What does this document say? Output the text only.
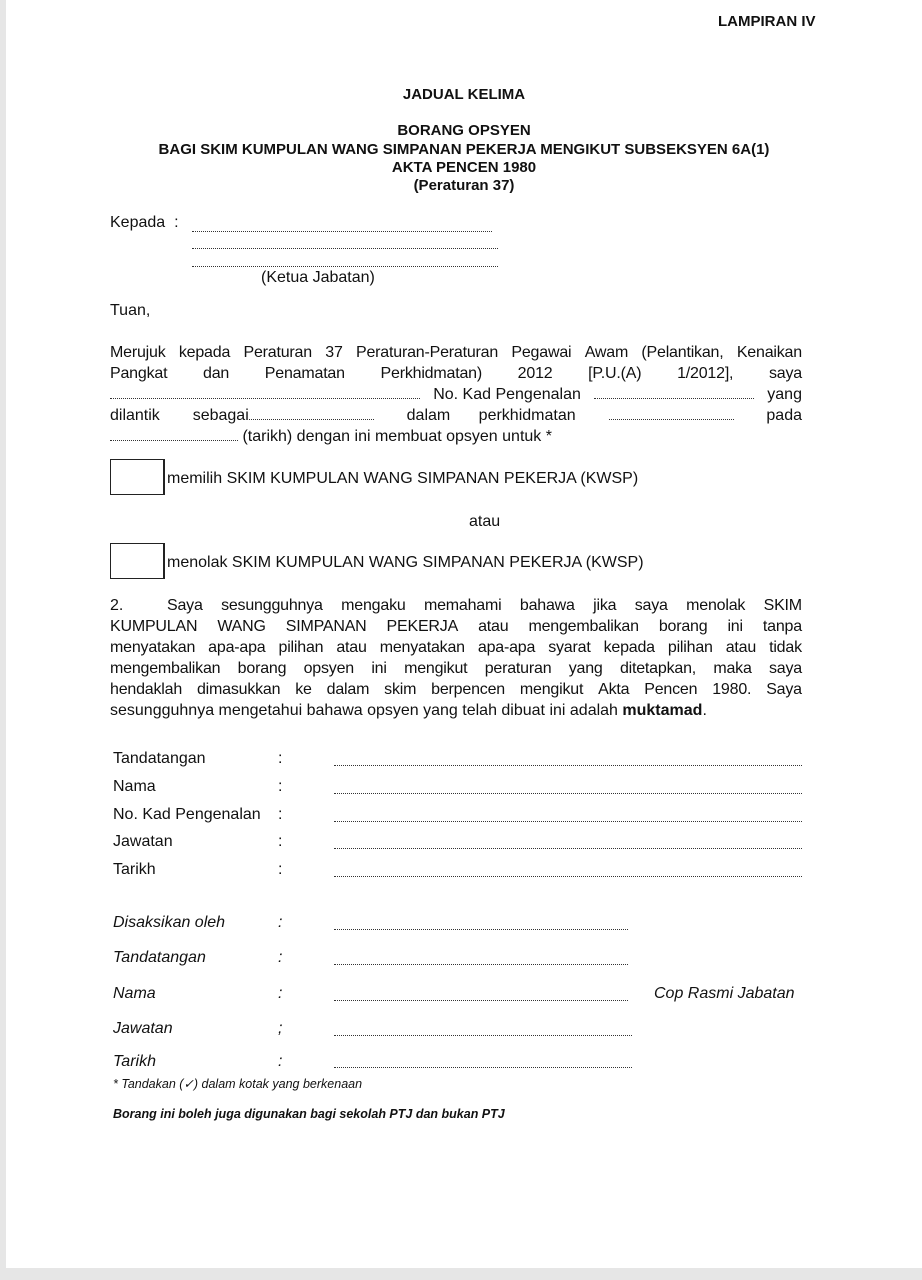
LAMPIRAN IV
JADUAL KELIMA
BORANG OPSYEN
BAGI SKIM KUMPULAN WANG SIMPANAN PEKERJA MENGIKUT SUBSEKSYEN 6A(1)
AKTA PENCEN 1980
(Peraturan 37)
Kepada :
(Ketua Jabatan)
Tuan,
Merujuk kepada Peraturan 37 Peraturan-Peraturan Pegawai Awam (Pelantikan, Kenaikan
Pangkat dan Penamatan Perkhidmatan) 2012 [P.U.(A) 1/2012], saya
No. Kad Pengenalan	yang
dilantik sebagai	dalam perkhidmatan	pada
(tarikh) dengan ini membuat opsyen untuk *
memilih SKIM KUMPULAN WANG SIMPANAN PEKERJA (KWSP)
atau
menolak SKIM KUMPULAN WANG SIMPANAN PEKERJA (KWSP)
2.	Saya sesungguhnya mengaku memahami bahawa jika saya menolak SKIM
KUMPULAN WANG SIMPANAN PEKERJA atau mengembalikan borang ini tanpa
menyatakan apa-apa pilihan atau menyatakan apa-apa syarat kepada pilihan atau tidak
mengembalikan borang opsyen ini mengikut peraturan yang ditetapkan, maka saya
hendaklah dimasukkan ke dalam skim berpencen mengikut Akta Pencen 1980. Saya
sesungguhnya mengetahui bahawa opsyen yang telah dibuat ini adalah muktamad.
Tandatangan	:
Nama	:
No. Kad Pengenalan :
Jawatan	:
Tarikh	:
Disaksikan oleh	:
Tandatangan	:
Nama	:	Cop Rasmi Jabatan
Jawatan	;
Tarikh	:
* Tandakan (✓) dalam kotak yang berkenaan
Borang ini boleh juga digunakan bagi sekolah PTJ dan bukan PTJ
